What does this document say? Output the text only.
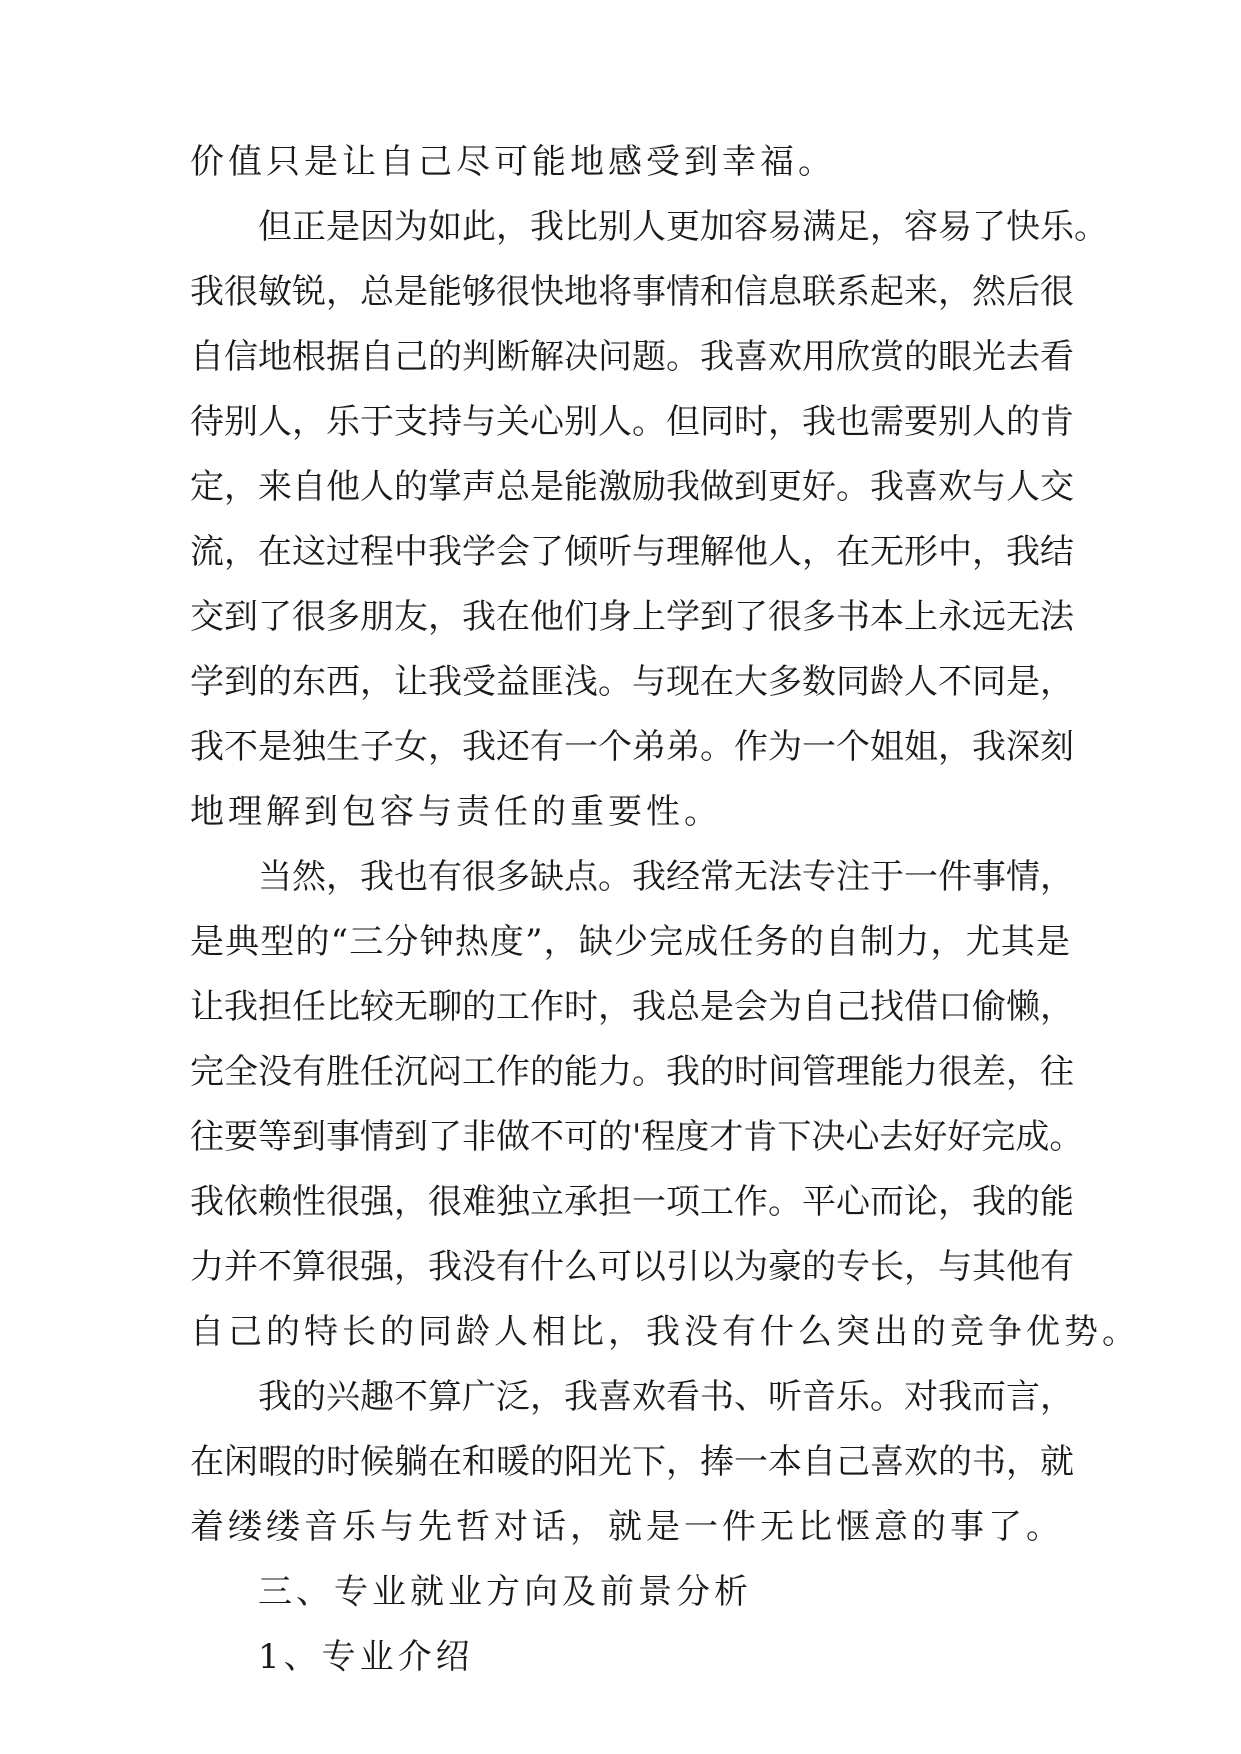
价值只是让自己尽可能地感受到幸福。
但正是因为如此，我比别人更加容易满足，容易了快乐。
我很敏锐，总是能够很快地将事情和信息联系起来，然后很
自信地根据自己的判断解决问题。我喜欢用欣赏的眼光去看
待别人，乐于支持与关心别人。但同时，我也需要别人的肯
定，来自他人的掌声总是能激励我做到更好。我喜欢与人交
流，在这过程中我学会了倾听与理解他人，在无形中，我结
交到了很多朋友，我在他们身上学到了很多书本上永远无法
学到的东西，让我受益匪浅。与现在大多数同龄人不同是，
我不是独生子女，我还有一个弟弟。作为一个姐姐，我深刻
地理解到包容与责任的重要性。
当然，我也有很多缺点。我经常无法专注于一件事情，
是典型的“三分钟热度”，缺少完成任务的自制力，尤其是
让我担任比较无聊的工作时，我总是会为自己找借口偷懒，
完全没有胜任沉闷工作的能力。我的时间管理能力很差，往
往要等到事情到了非做不可的'程度才肯下决心去好好完成。
我依赖性很强，很难独立承担一项工作。平心而论，我的能
力并不算很强，我没有什么可以引以为豪的专长，与其他有
自己的特长的同龄人相比，我没有什么突出的竞争优势。
我的兴趣不算广泛，我喜欢看书、听音乐。对我而言，
在闲暇的时候躺在和暖的阳光下，捧一本自己喜欢的书，就
着缕缕音乐与先哲对话，就是一件无比惬意的事了。
三、专业就业方向及前景分析
1、专业介绍
